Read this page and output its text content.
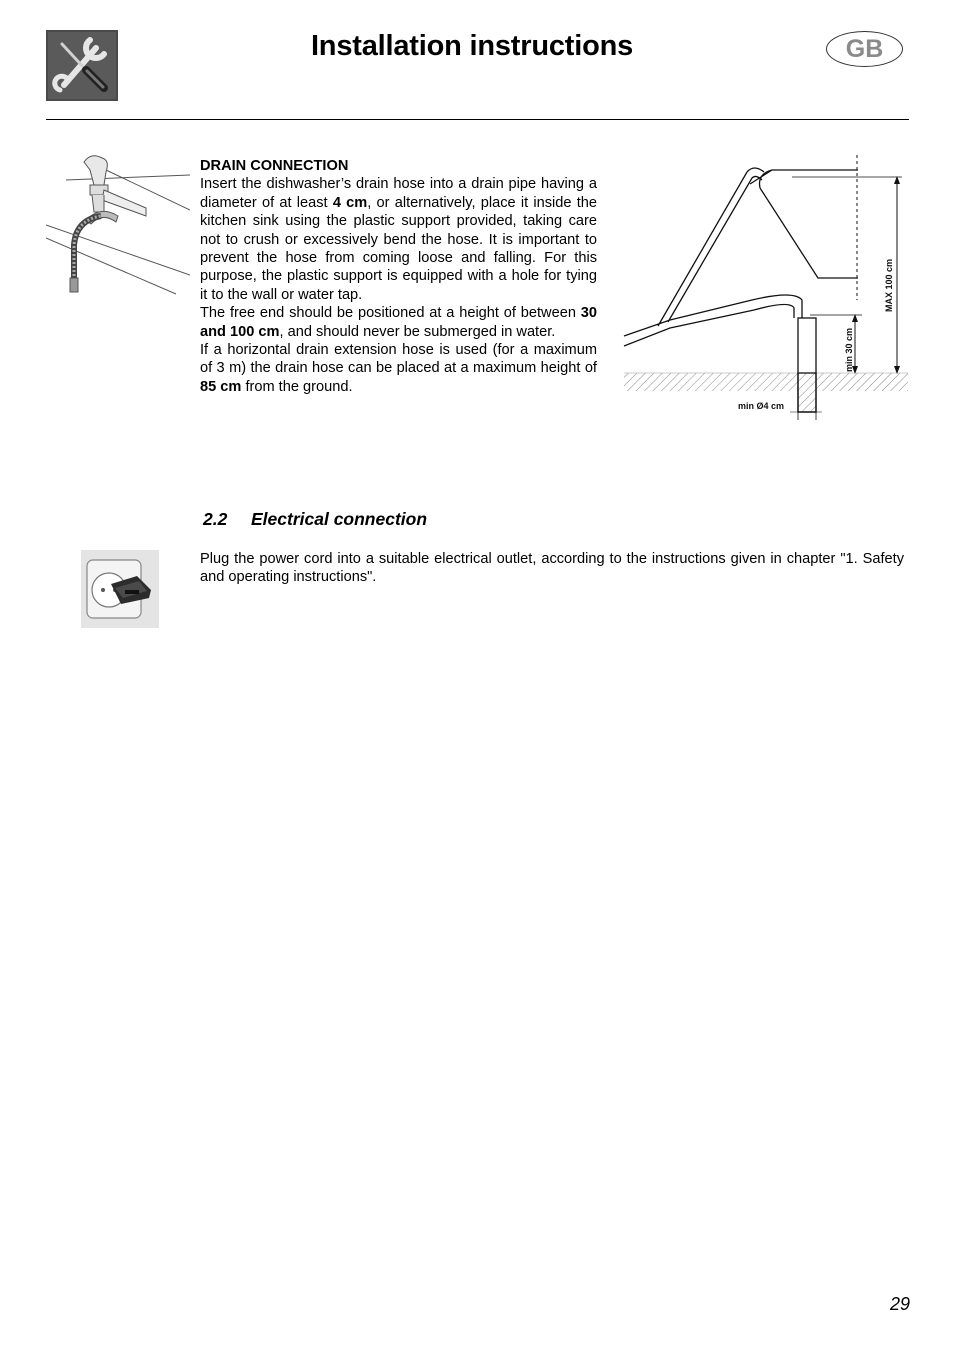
Installation instructions	GB

DRAIN CONNECTION

Insert the dishwasher’s drain hose into a drain pipe having a diameter of at least 4 cm, or alternatively, place it inside the kitchen sink using the plastic support provided, taking care not to crush or excessively bend the hose. It is important to prevent the hose from coming loose and falling. For this purpose, the plastic support is equipped with a hole for tying it to the wall or water tap.

The free end should be positioned at a height of between 30 and 100 cm, and should never be submerged in water.

If a horizontal drain extension hose is used (for a maximum of 3 m) the drain hose can be placed at a maximum height of 85 cm from the ground.

MAX 100 cm
min 30 cm
min Ø4 cm
2.2 Electrical connection
Plug the power cord into a suitable electrical outlet, according to the instructions given in chapter "1. Safety and operating instructions".
29
